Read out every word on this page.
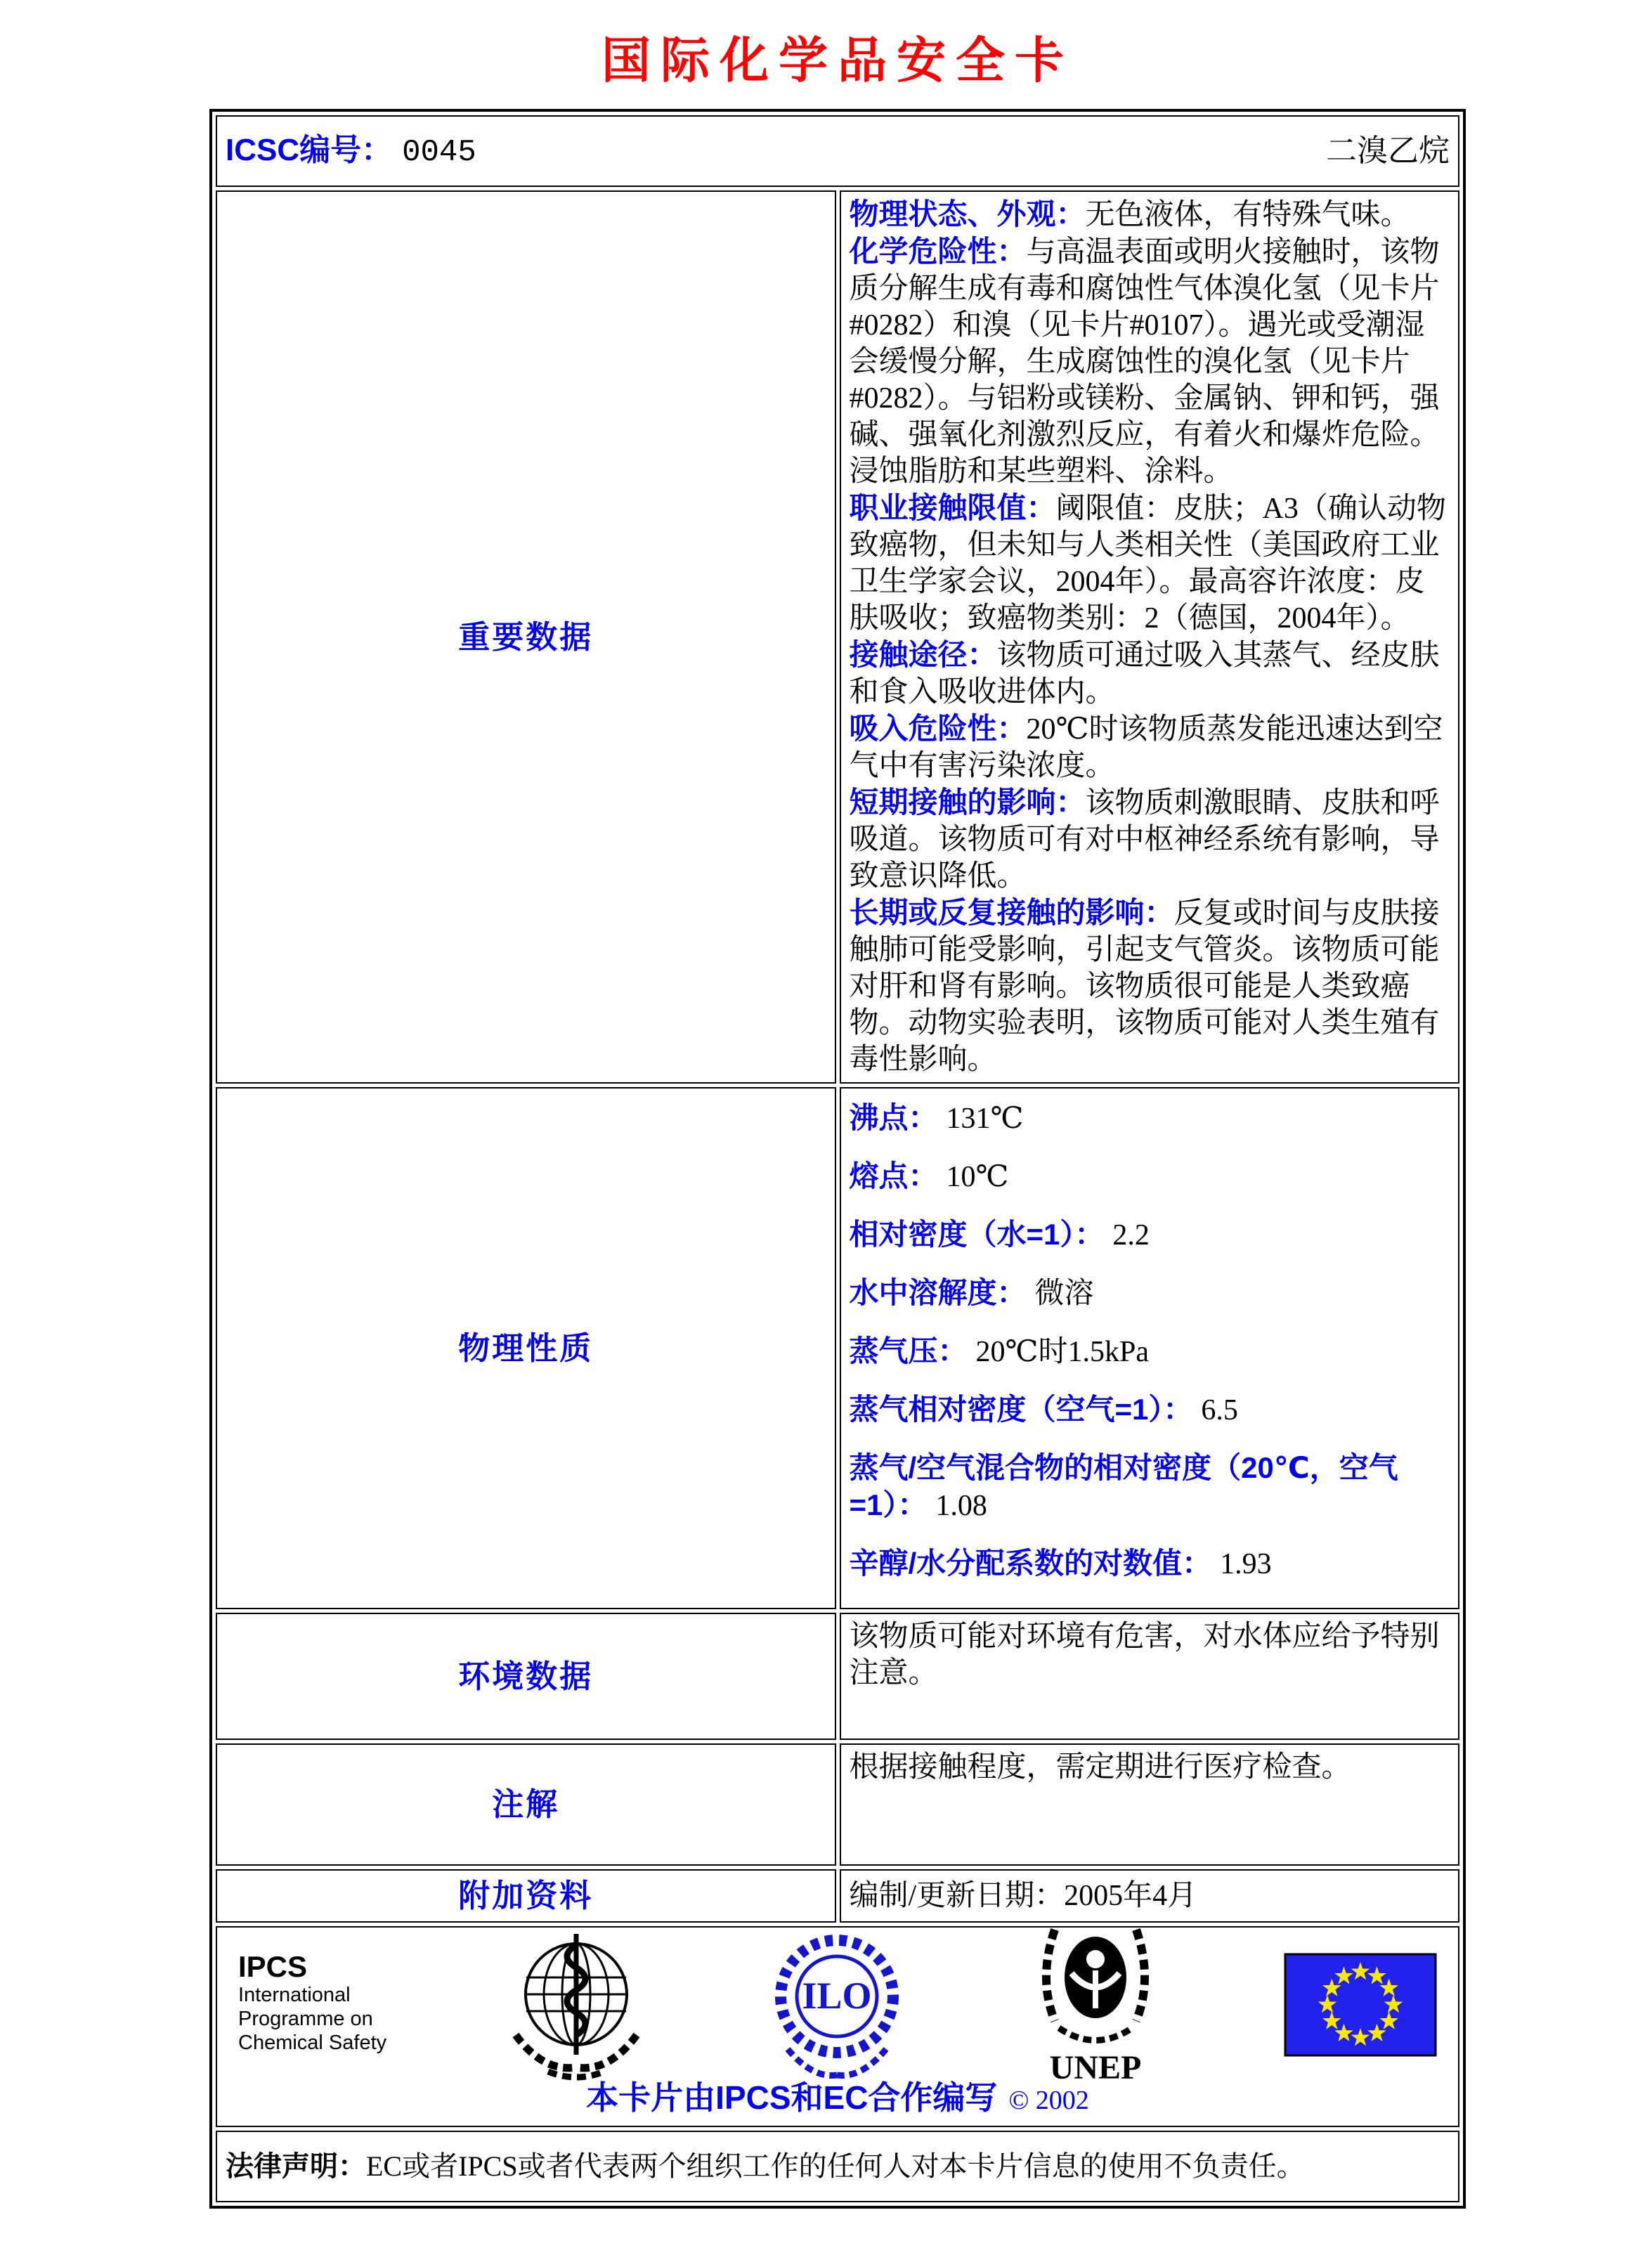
国际化学品安全卡
ICSC编号： 0045 二溴乙烷	

重要数据	

物理状态、外观：无色液体，有特殊气味。

化学危险性：与高温表面或明火接触时，该物质分解生成有毒和腐蚀性气体溴化氢（见卡片#0282）和溴（见卡片#0107）。遇光或受潮湿会缓慢分解，生成腐蚀性的溴化氢（见卡片#0282）。与铝粉或镁粉、金属钠、钾和钙，强碱、强氧化剂激烈反应，有着火和爆炸危险。浸蚀脂肪和某些塑料、涂料。

职业接触限值：阈限值：皮肤；A3（确认动物致癌物，但未知与人类相关性（美国政府工业卫生学家会议，2004年）。最高容许浓度：皮肤吸收；致癌物类别：2（德国，2004年）。

接触途径：该物质可通过吸入其蒸气、经皮肤和食入吸收进体内。

吸入危险性：20℃时该物质蒸发能迅速达到空气中有害污染浓度。

短期接触的影响：该物质刺激眼睛、皮肤和呼吸道。该物质可有对中枢神经系统有影响，导致意识降低。

长期或反复接触的影响：反复或时间与皮肤接触肺可能受影响，引起支气管炎。该物质可能对肝和肾有影响。该物质很可能是人类致癌物。动物实验表明，该物质可能对人类生殖有毒性影响。

物理性质	

沸点： 131℃

熔点： 10℃

相对密度（水=1）： 2.2

水中溶解度： 微溶

蒸气压： 20℃时1.5kPa

蒸气相对密度（空气=1）： 6.5

蒸气/空气混合物的相对密度（20℃，空气=1）： 1.08

辛醇/水分配系数的对数值： 1.93

环境数据	该物质可能对环境有危害，对水体应给予特别注意。

注解	根据接触程度，需定期进行医疗检查。

附加资料	编制/更新日期：2005年4月

IPCS
International
Programme on
Chemical Safety
ILO
UNEP
本卡片由IPCS和EC合作编写 © 2002

法律声明：EC或者IPCS或者代表两个组织工作的任何人对本卡片信息的使用不负责任。	
